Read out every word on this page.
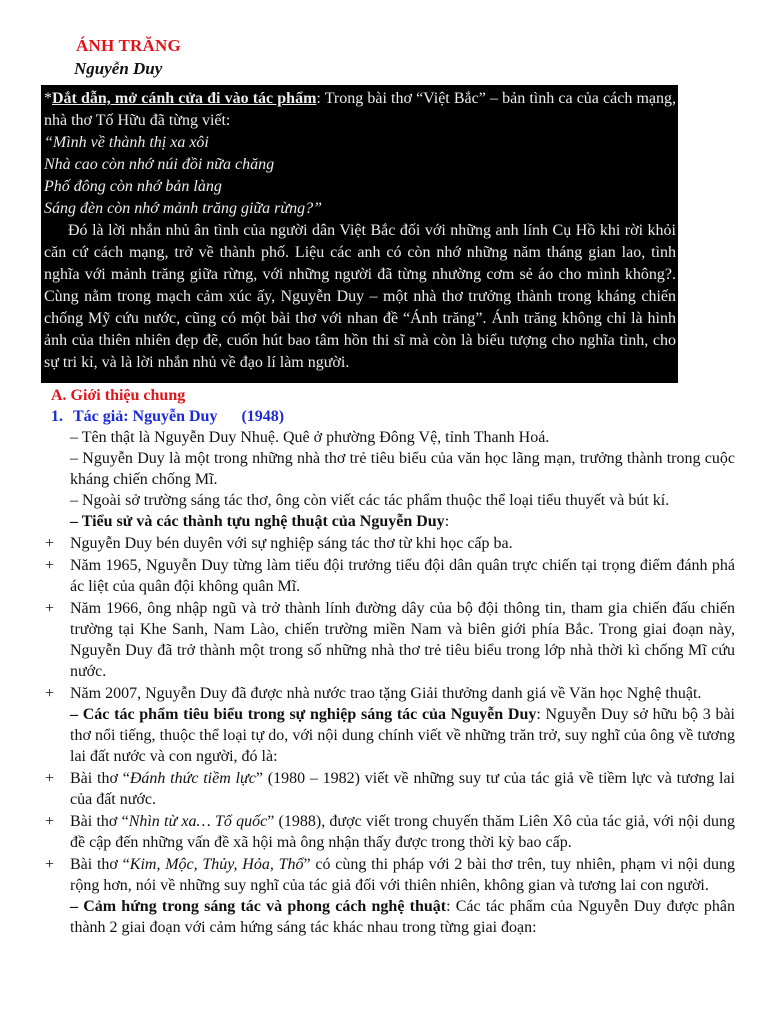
ÁNH TRĂNG
Nguyễn Duy

*Dắt dẫn, mở cánh cửa đi vào tác phẩm: Trong bài thơ “Việt Bắc” – bản tình ca của cách mạng, nhà thơ Tố Hữu đã từng viết:

“Mình về thành thị xa xôi

Nhà cao còn nhớ núi đồi nữa chăng

Phố đông còn nhớ bản làng

Sáng đèn còn nhớ mảnh trăng giữa rừng?”

Đó là lời nhắn nhủ ân tình của người dân Việt Bắc đối với những anh lính Cụ Hồ khi rời khỏi căn cứ cách mạng, trở về thành phố. Liệu các anh có còn nhớ những năm tháng gian lao, tình nghĩa với mảnh trăng giữa rừng, với những người đã từng nhường cơm sẻ áo cho mình không?. Cùng nằm trong mạch cảm xúc ấy, Nguyễn Duy – một nhà thơ trưởng thành trong kháng chiến chống Mỹ cứu nước, cũng có một bài thơ với nhan đề “Ánh trăng”. Ánh trăng không chỉ là hình ảnh của thiên nhiên đẹp đẽ, cuốn hút bao tâm hồn thi sĩ mà còn là biểu tượng cho nghĩa tình, cho sự tri kỉ, và là lời nhắn nhủ về đạo lí làm người.

A. Giới thiệu chung
1. Tác giả: Nguyễn Duy (1948)
– Tên thật là Nguyễn Duy Nhuệ. Quê ở phường Đông Vệ, tỉnh Thanh Hoá.
– Nguyễn Duy là một trong những nhà thơ trẻ tiêu biểu của văn học lãng mạn, trưởng thành trong cuộc kháng chiến chống Mĩ.
– Ngoài sở trường sáng tác thơ, ông còn viết các tác phẩm thuộc thể loại tiểu thuyết và bút kí.
– Tiểu sử và các thành tựu nghệ thuật của Nguyễn Duy:
+ Nguyễn Duy bén duyên với sự nghiệp sáng tác thơ từ khi học cấp ba.
+ Năm 1965, Nguyễn Duy từng làm tiểu đội trưởng tiểu đội dân quân trực chiến tại trọng điểm đánh phá ác liệt của quân đội không quân Mĩ.
+ Năm 1966, ông nhập ngũ và trở thành lính đường dây của bộ đội thông tin, tham gia chiến đấu chiến trường tại Khe Sanh, Nam Lào, chiến trường miền Nam và biên giới phía Bắc. Trong giai đoạn này, Nguyễn Duy đã trở thành một trong số những nhà thơ trẻ tiêu biểu trong lớp nhà thời kì chống Mĩ cứu nước.
+ Năm 2007, Nguyễn Duy đã được nhà nước trao tặng Giải thưởng danh giá về Văn học Nghệ thuật.
– Các tác phẩm tiêu biểu trong sự nghiệp sáng tác của Nguyễn Duy: Nguyễn Duy sở hữu bộ 3 bài thơ nổi tiếng, thuộc thể loại tự do, với nội dung chính viết về những trăn trở, suy nghĩ của ông về tương lai đất nước và con người, đó là:
+ Bài thơ “Đánh thức tiềm lực” (1980 – 1982) viết về những suy tư của tác giả về tiềm lực và tương lai của đất nước.
+ Bài thơ “Nhìn từ xa… Tổ quốc” (1988), được viết trong chuyến thăm Liên Xô của tác giả, với nội dung đề cập đến những vấn đề xã hội mà ông nhận thấy được trong thời kỳ bao cấp.
+ Bài thơ “Kim, Mộc, Thủy, Hỏa, Thổ” có cùng thi pháp với 2 bài thơ trên, tuy nhiên, phạm vi nội dung rộng hơn, nói về những suy nghĩ của tác giả đối với thiên nhiên, không gian và tương lai con người.
– Cảm hứng trong sáng tác và phong cách nghệ thuật: Các tác phẩm của Nguyễn Duy được phân thành 2 giai đoạn với cảm hứng sáng tác khác nhau trong từng giai đoạn:
